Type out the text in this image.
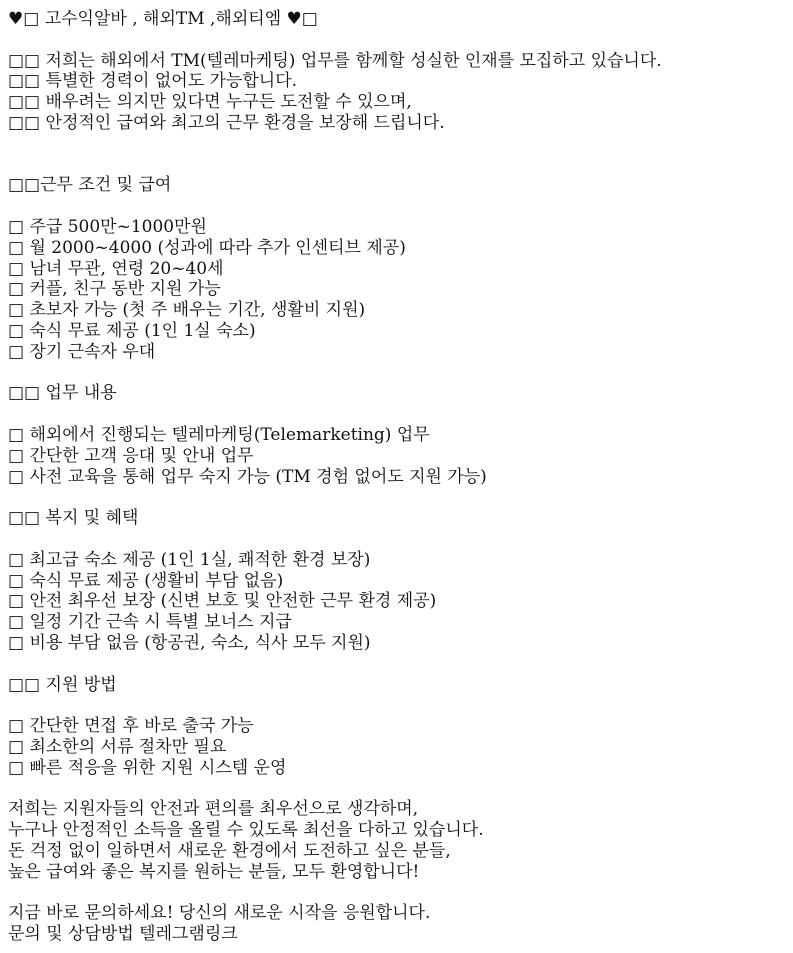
♥□ 고수익알바 , 해외TM ,해외티엠 ♥□
□□ 저희는 해외에서 TM(텔레마케팅) 업무를 함께할 성실한 인재를 모집하고 있습니다.
□□ 특별한 경력이 없어도 가능합니다.
□□ 배우려는 의지만 있다면 누구든 도전할 수 있으며,
□□ 안정적인 급여와 최고의 근무 환경을 보장해 드립니다.
□□근무 조건 및 급여
□ 주급 500만~1000만원
□ 월 2000~4000 (성과에 따라 추가 인센티브 제공)
□ 남녀 무관, 연령 20~40세
□ 커플, 친구 동반 지원 가능
□ 초보자 가능 (첫 주 배우는 기간, 생활비 지원)
□ 숙식 무료 제공 (1인 1실 숙소)
□ 장기 근속자 우대
□□ 업무 내용
□ 해외에서 진행되는 텔레마케팅(Telemarketing) 업무
□ 간단한 고객 응대 및 안내 업무
□ 사전 교육을 통해 업무 숙지 가능 (TM 경험 없어도 지원 가능)
□□ 복지 및 혜택
□ 최고급 숙소 제공 (1인 1실, 쾌적한 환경 보장)
□ 숙식 무료 제공 (생활비 부담 없음)
□ 안전 최우선 보장 (신변 보호 및 안전한 근무 환경 제공)
□ 일정 기간 근속 시 특별 보너스 지급
□ 비용 부담 없음 (항공권, 숙소, 식사 모두 지원)
□□ 지원 방법
□ 간단한 면접 후 바로 출국 가능
□ 최소한의 서류 절차만 필요
□ 빠른 적응을 위한 지원 시스템 운영
저희는 지원자들의 안전과 편의를 최우선으로 생각하며,
누구나 안정적인 소득을 올릴 수 있도록 최선을 다하고 있습니다.
돈 걱정 없이 일하면서 새로운 환경에서 도전하고 싶은 분들,
높은 급여와 좋은 복지를 원하는 분들, 모두 환영합니다!
지금 바로 문의하세요! 당신의 새로운 시작을 응원합니다.
문의 및 상담방법 텔레그램링크
